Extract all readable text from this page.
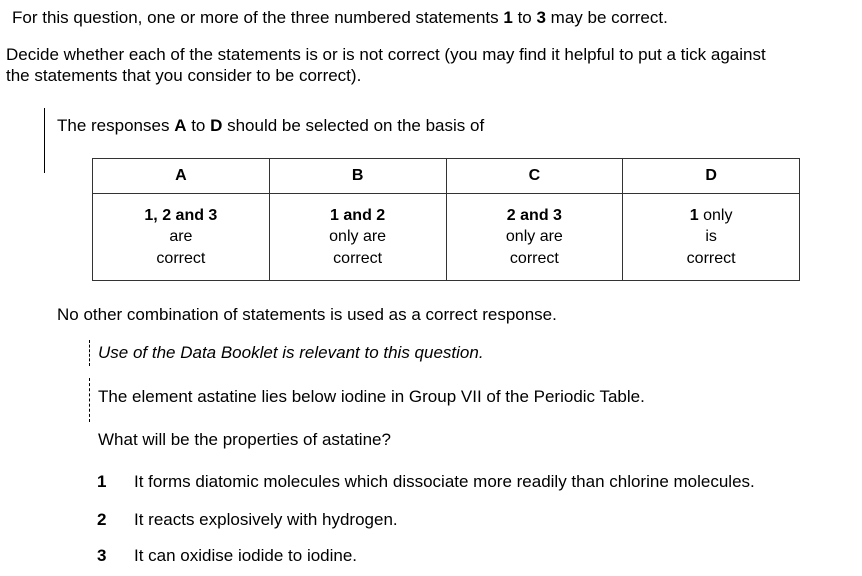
For this question, one or more of the three numbered statements 1 to 3 may be correct.
Decide whether each of the statements is or is not correct (you may find it helpful to put a tick against
the statements that you consider to be correct).
The responses A to D should be selected on the basis of
A	B	C	D
1, 2 and 3
are
correct	1 and 2
only are
correct	2 and 3
only are
correct	1 only
is
correct
No other combination of statements is used as a correct response.
Use of the Data Booklet is relevant to this question.
The element astatine lies below iodine in Group VII of the Periodic Table.
What will be the properties of astatine?
1 It forms diatomic molecules which dissociate more readily than chlorine molecules.
2 It reacts explosively with hydrogen.
3 It can oxidise iodide to iodine.
